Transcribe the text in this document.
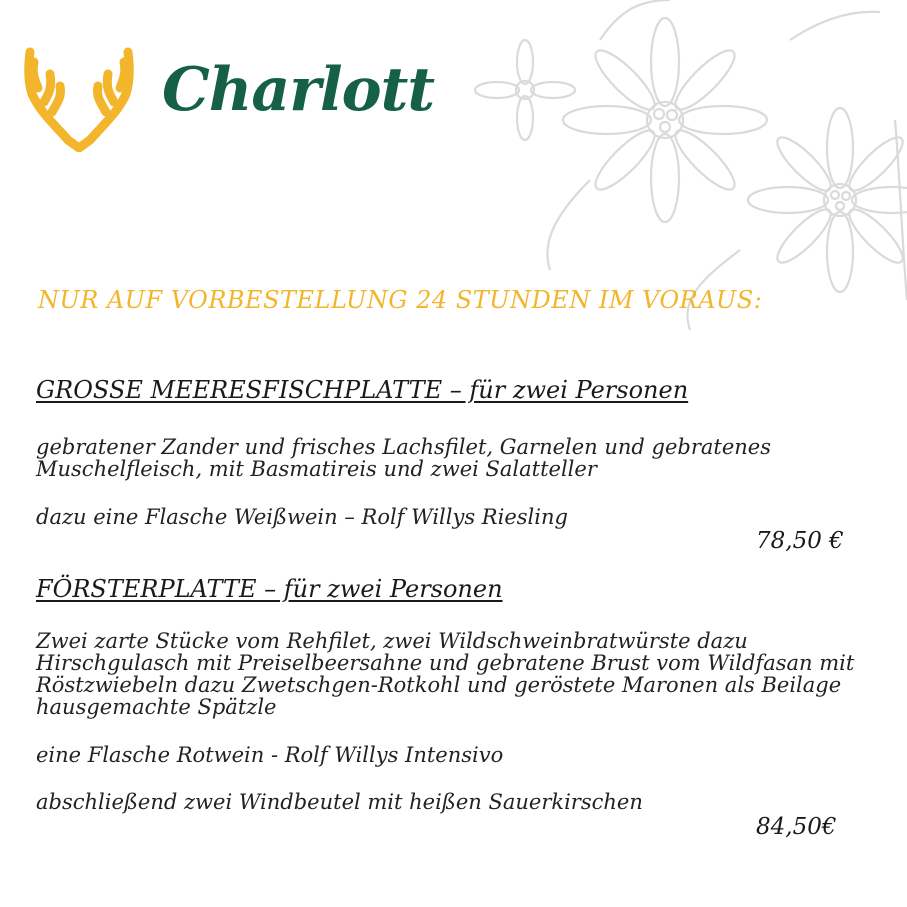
Charlott
NUR AUF VORBESTELLUNG 24 STUNDEN IM VORAUS:
GROSSE MEERESFISCHPLATTE – für zwei Personen
gebratener Zander und frisches Lachsfilet, Garnelen und gebratenes Muschelfleisch, mit Basmatireis und zwei Salatteller
dazu eine Flasche Weißwein – Rolf Willys Riesling
78,50 €
FÖRSTERPLATTE – für zwei Personen
Zwei zarte Stücke vom Rehfilet, zwei Wildschweinbratwürste dazu Hirschgulasch mit Preiselbeersahne und gebratene Brust vom Wildfasan mit Röstzwiebeln dazu Zwetschgen-Rotkohl und geröstete Maronen als Beilage hausgemachte Spätzle
eine Flasche Rotwein - Rolf Willys Intensivo
abschließend zwei Windbeutel mit heißen Sauerkirschen
84,50€
